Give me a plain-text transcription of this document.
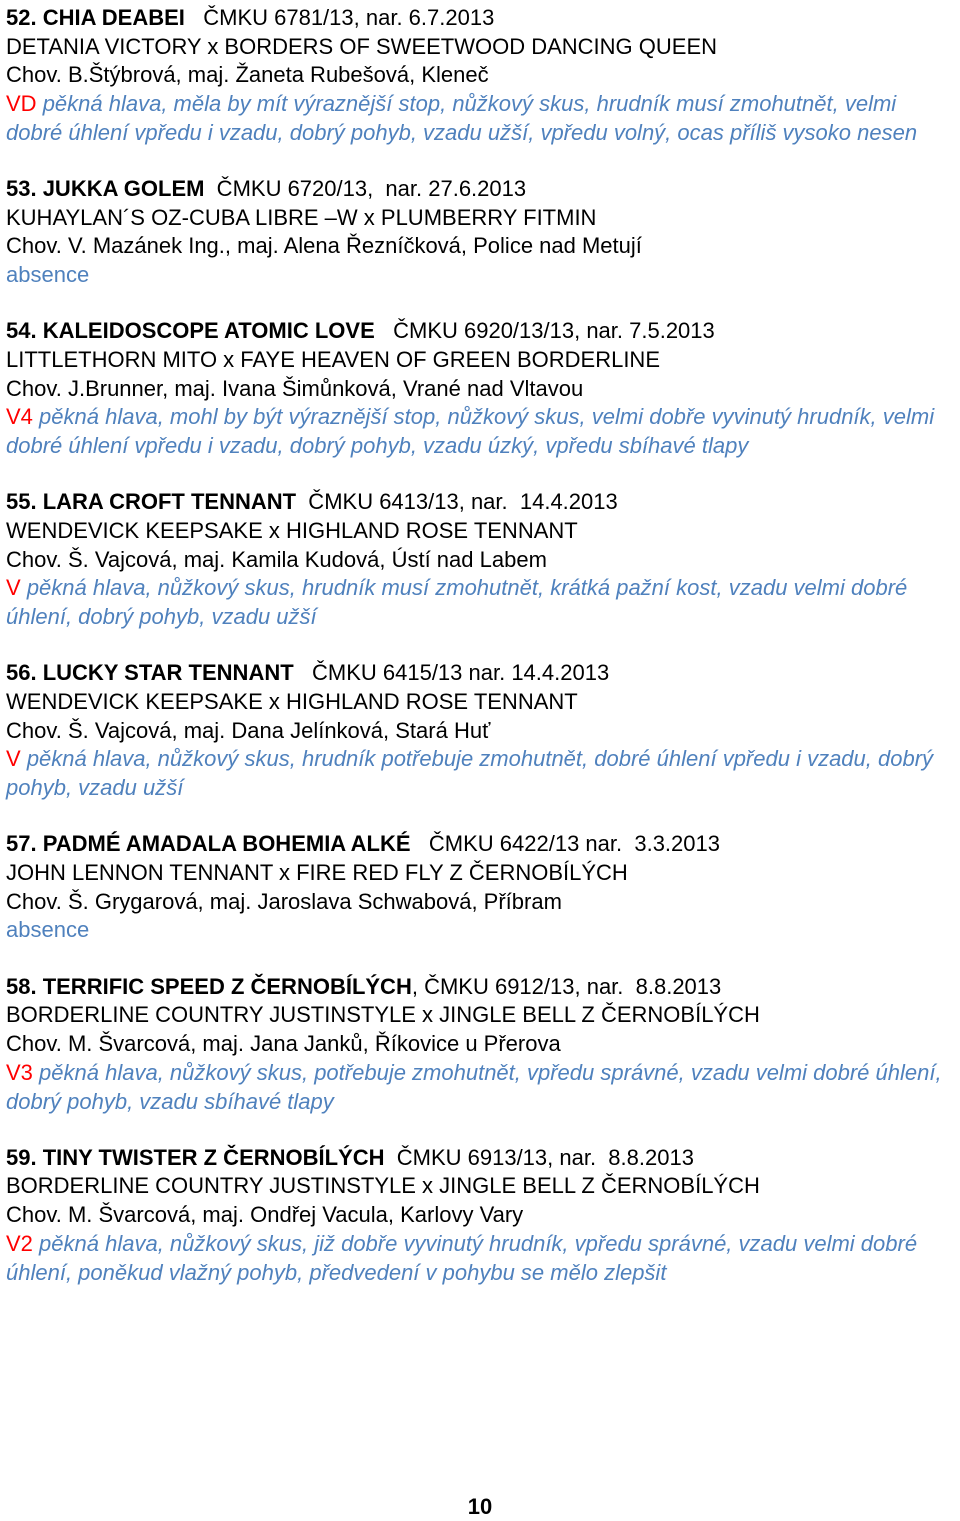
52. CHIA DEABEI   ČMKU 6781/13, nar. 6.7.2013
DETANIA VICTORY x BORDERS OF SWEETWOOD DANCING QUEEN
Chov. B.Štýbrová, maj. Žaneta Rubešová, Kleneč
VD pěkná hlava, měla by mít výraznější stop, nůžkový skus, hrudník musí zmohutnět, velmi dobré úhlení vpředu i vzadu, dobrý pohyb, vzadu užší, vpředu volný, ocas příliš vysoko nesen
53. JUKKA GOLEM  ČMKU 6720/13,  nar. 27.6.2013
KUHAYLAN´S OZ-CUBA LIBRE –W x PLUMBERRY FITMIN
Chov. V. Mazánek Ing., maj. Alena Řezníčková, Police nad Metují
absence
54. KALEIDOSCOPE ATOMIC LOVE   ČMKU 6920/13/13, nar. 7.5.2013
LITTLETHORN MITO x FAYE HEAVEN OF GREEN BORDERLINE
Chov. J.Brunner, maj. Ivana Šimůnková, Vrané nad Vltavou
V4 pěkná hlava, mohl by být výraznější stop, nůžkový skus, velmi dobře vyvinutý hrudník, velmi dobré úhlení vpředu i vzadu, dobrý pohyb, vzadu úzký, vpředu sbíhavé tlapy
55. LARA CROFT TENNANT  ČMKU 6413/13, nar.  14.4.2013
WENDEVICK KEEPSAKE x HIGHLAND ROSE TENNANT
Chov. Š. Vajcová, maj. Kamila Kudová, Ústí nad Labem
V pěkná hlava, nůžkový skus, hrudník musí zmohutnět, krátká pažní kost, vzadu velmi dobré úhlení, dobrý pohyb, vzadu užší
56. LUCKY STAR TENNANT   ČMKU 6415/13 nar. 14.4.2013
WENDEVICK KEEPSAKE x HIGHLAND ROSE TENNANT
Chov. Š. Vajcová, maj. Dana Jelínková, Stará Huť
V pěkná hlava, nůžkový skus, hrudník potřebuje zmohutnět, dobré úhlení vpředu i vzadu, dobrý pohyb, vzadu užší
57. PADMÉ AMADALA BOHEMIA ALKÉ   ČMKU 6422/13 nar.  3.3.2013
JOHN LENNON TENNANT x FIRE RED FLY Z ČERNOBÍLÝCH
Chov. Š. Grygarová, maj. Jaroslava Schwabová, Příbram
absence
58. TERRIFIC SPEED Z ČERNOBÍLÝCH, ČMKU 6912/13, nar.  8.8.2013
BORDERLINE COUNTRY JUSTINSTYLE x JINGLE BELL Z ČERNOBÍLÝCH
Chov. M. Švarcová, maj. Jana Janků, Říkovice u Přerova
V3 pěkná hlava, nůžkový skus, potřebuje zmohutnět, vpředu správné, vzadu velmi dobré úhlení, dobrý pohyb, vzadu sbíhavé tlapy
59. TINY TWISTER Z ČERNOBÍLÝCH  ČMKU 6913/13, nar.  8.8.2013
BORDERLINE COUNTRY JUSTINSTYLE x JINGLE BELL Z ČERNOBÍLÝCH
Chov. M. Švarcová, maj. Ondřej Vacula, Karlovy Vary
V2 pěkná hlava, nůžkový skus, již dobře vyvinutý hrudník, vpředu správné, vzadu velmi dobré úhlení, poněkud vlažný pohyb, předvedení v pohybu se mělo zlepšit
10
